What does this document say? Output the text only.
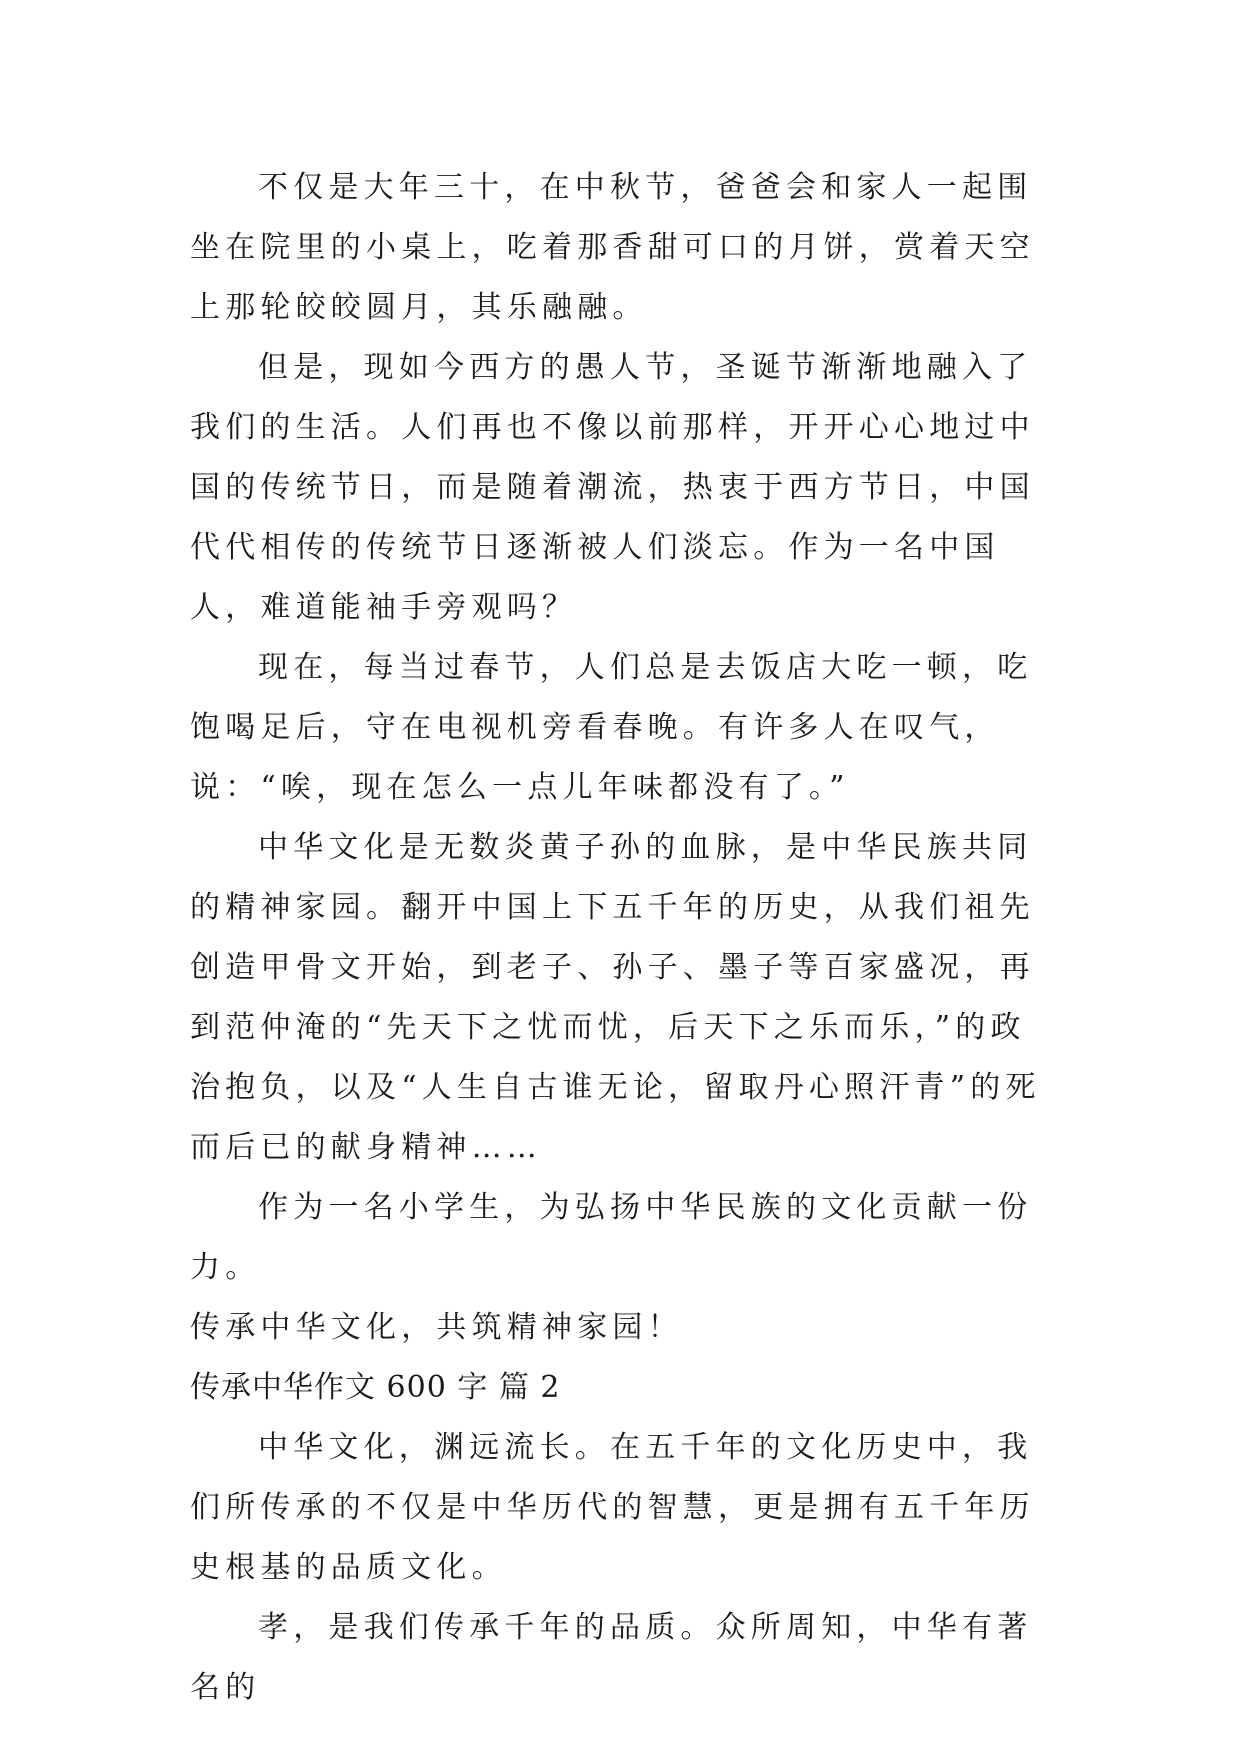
不仅是大年三十，在中秋节，爸爸会和家人一起围坐在院里的小桌上，吃着那香甜可口的月饼，赏着天空上那轮皎皎圆月，其乐融融。

但是，现如今西方的愚人节，圣诞节渐渐地融入了我们的生活。人们再也不像以前那样，开开心心地过中国的传统节日，而是随着潮流，热衷于西方节日，中国代代相传的传统节日逐渐被人们淡忘。作为一名中国人，难道能袖手旁观吗？

现在，每当过春节，人们总是去饭店大吃一顿，吃饱喝足后，守在电视机旁看春晚。有许多人在叹气，说：“唉，现在怎么一点儿年味都没有了。”

中华文化是无数炎黄子孙的血脉，是中华民族共同的精神家园。翻开中国上下五千年的历史，从我们祖先创造甲骨文开始，到老子、孙子、墨子等百家盛况，再到范仲淹的“先天下之忧而忧，后天下之乐而乐，”的政治抱负，以及“人生自古谁无论，留取丹心照汗青”的死而后已的献身精神……

作为一名小学生，为弘扬中华民族的文化贡献一份力。

传承中华文化，共筑精神家园！

传承中华作文 600 字 篇 2

中华文化，渊远流长。在五千年的文化历史中，我们所传承的不仅是中华历代的智慧，更是拥有五千年历史根基的品质文化。

孝，是我们传承千年的品质。众所周知，中华有著名的
